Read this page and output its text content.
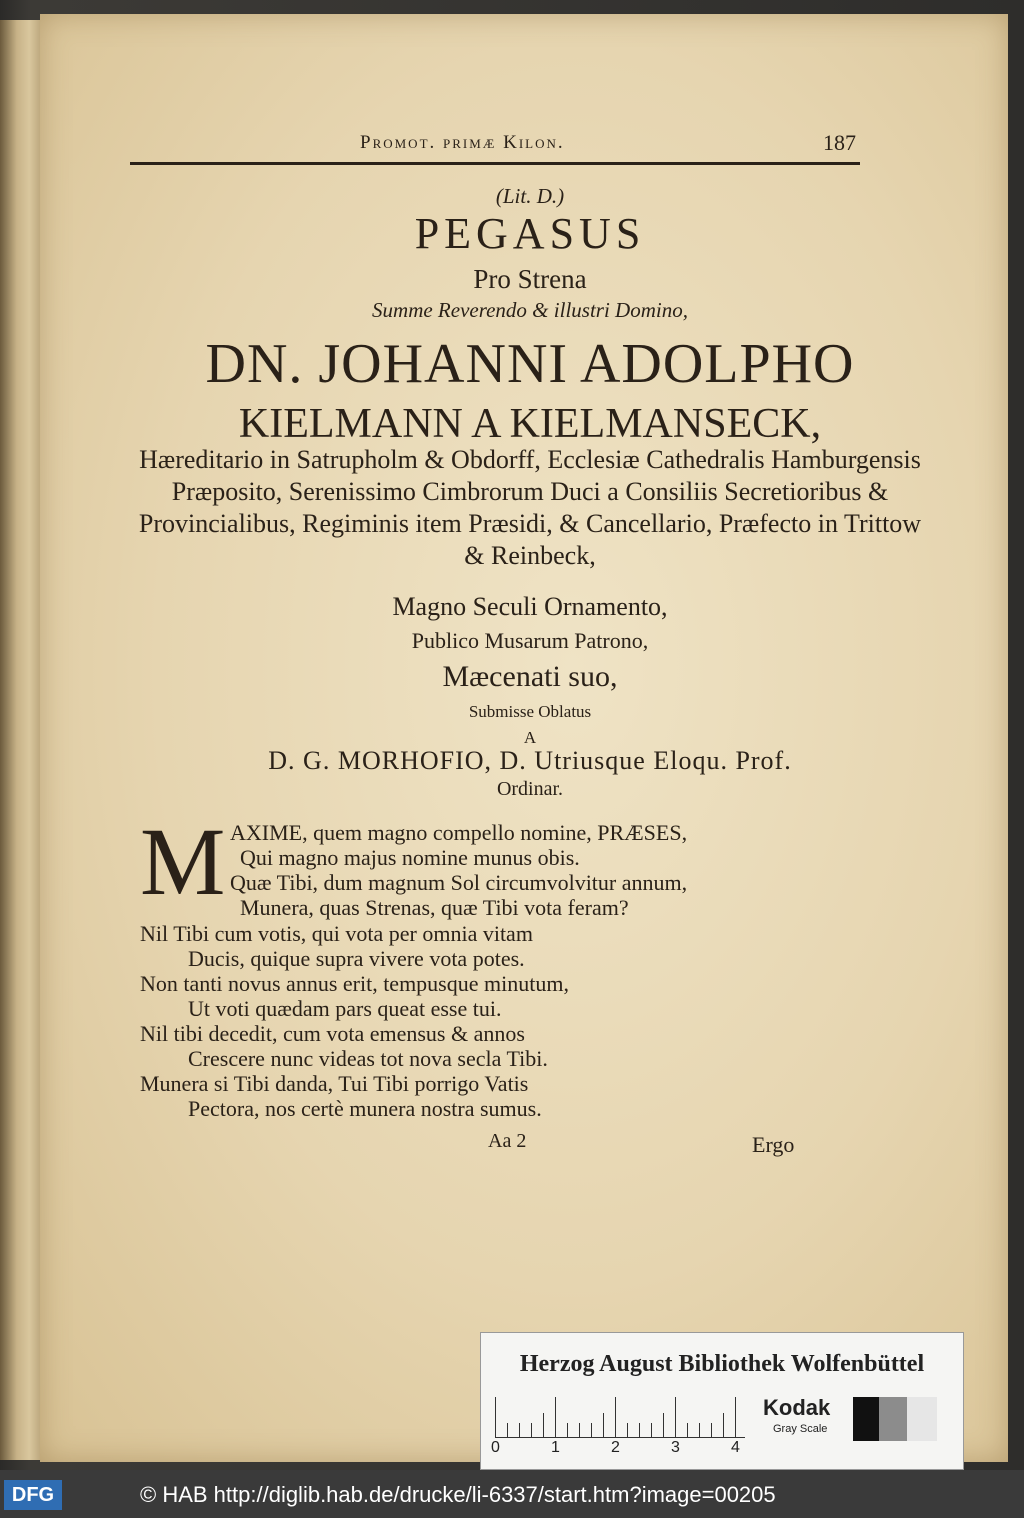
Promot. primæ Kilon.	187
(Lit. D.)
PEGASUS
Pro Strena
Summe Reverendo & illustri Domino,
DN. JOHANNI ADOLPHO
KIELMANN A KIELMANSECK,
Hæreditario in Satrupholm & Obdorff, Ecclesiæ Cathedralis Hamburgensis Præposito, Serenissimo Cimbrorum Duci a Consiliis Secretioribus & Provincialibus, Regiminis item Præsidi, & Cancellario, Præfecto in Trittow & Reinbeck,
Magno Seculi Ornamento,
Publico Musarum Patrono,
Mæcenati suo,
Submisse Oblatus
A
D. G. MORHOFIO, D. Utriusque Eloqu. Prof.
Ordinar.
M AXIME, quem magno compello nomine, PRÆSES,
Qui magno majus nomine munus obis.
Quæ Tibi, dum magnum Sol circumvolvitur annum,
Munera, quas Strenas, quæ Tibi vota feram?
Nil Tibi cum votis, qui vota per omnia vitam
Ducis, quique supra vivere vota potes.
Non tanti novus annus erit, tempusque minutum,
Ut voti quædam pars queat esse tui.
Nil tibi decedit, cum vota emensus & annos
Crescere nunc videas tot nova secla Tibi.
Munera si Tibi danda, Tui Tibi porrigo Vatis
Pectora, nos certè munera nostra sumus.
Aa 2	Ergo
Herzog August Bibliothek Wolfenbüttel
0	1	2	3	4
Kodak
Gray Scale
DFG	© HAB http://diglib.hab.de/drucke/li-6337/start.htm?image=00205
